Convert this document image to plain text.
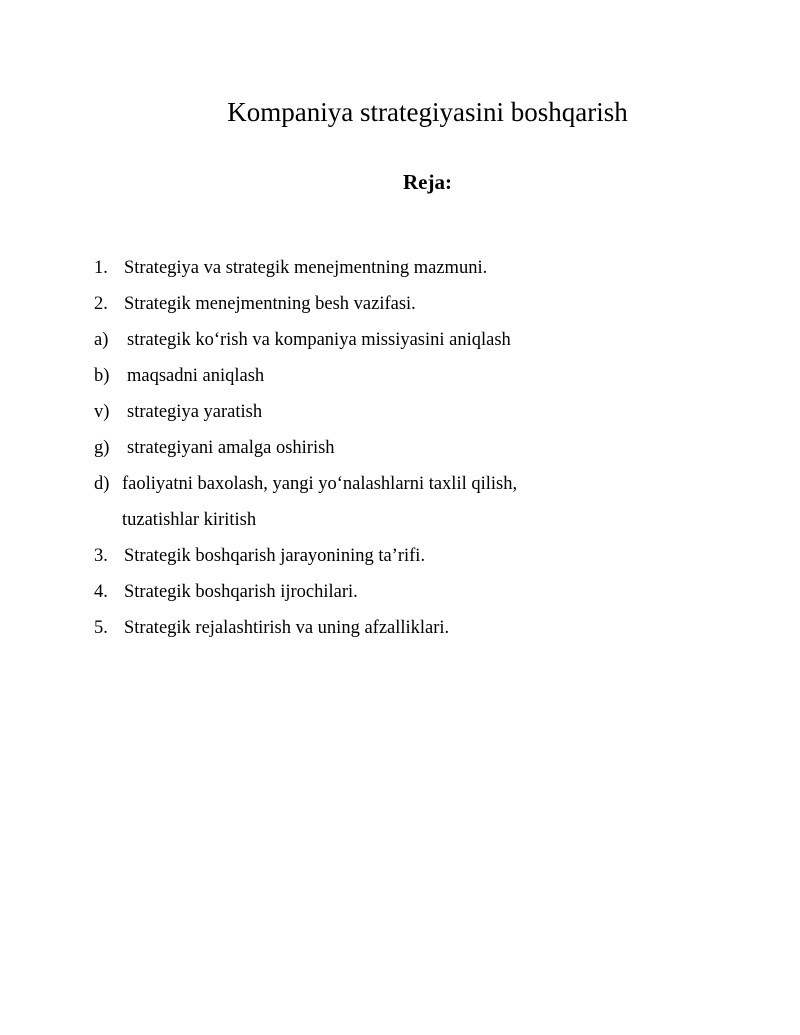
Kompaniya strategiyasini boshqarish
Reja:
1. Strategiya va strategik menejmentning mazmuni.
2. Strategik menejmentning besh vazifasi.
a)	strategik ko‘rish va kompaniya missiyasini aniqlash
b) maqsadni aniqlash
v) strategiya yaratish
g) strategiyani amalga oshirish
d) faoliyatni baxolash, yangi yo‘nalashlarni taxlil qilish, tuzatishlar kiritish
3. Strategik boshqarish jarayonining ta’rifi.
4. Strategik boshqarish ijrochilari.
5. Strategik rejalashtirish va uning afzalliklari.
